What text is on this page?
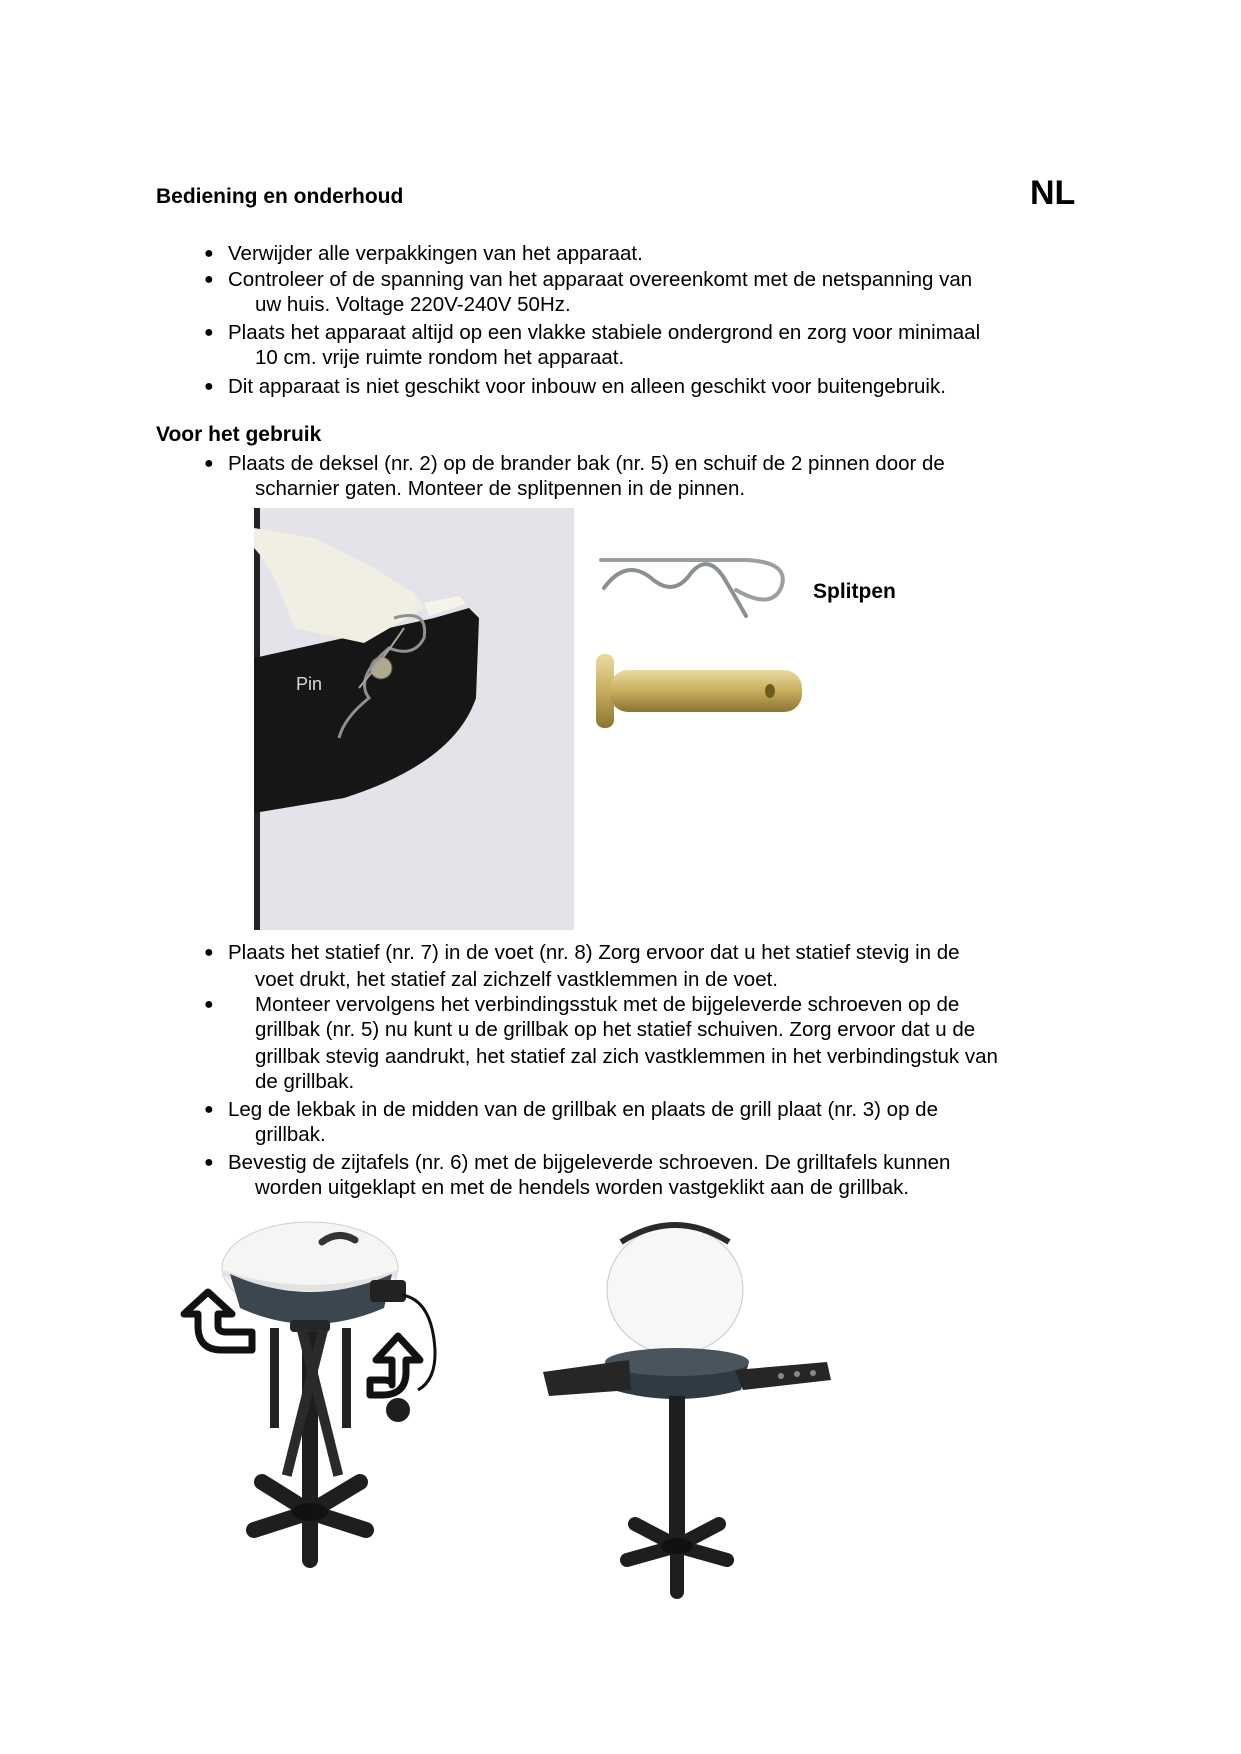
Bediening en onderhoud	NL
● Verwijder alle verpakkingen van het apparaat.
● Controleer of de spanning van het apparaat overeenkomt met de netspanning van
uw huis. Voltage 220V-240V 50Hz.
● Plaats het apparaat altijd op een vlakke stabiele ondergrond en zorg voor minimaal
10 cm. vrije ruimte rondom het apparaat.
● Dit apparaat is niet geschikt voor inbouw en alleen geschikt voor buitengebruik.
Voor het gebruik
● Plaats de deksel (nr. 2) op de brander bak (nr. 5) en schuif de 2 pinnen door de
scharnier gaten. Monteer de splitpennen in de pinnen.
Pin
Splitpen
● Plaats het statief (nr. 7) in de voet (nr. 8) Zorg ervoor dat u het statief stevig in de
voet drukt, het statief zal zichzelf vastklemmen in de voet.
●	Monteer vervolgens het verbindingsstuk met de bijgeleverde schroeven op de
grillbak (nr. 5) nu kunt u de grillbak op het statief schuiven. Zorg ervoor dat u de
grillbak stevig aandrukt, het statief zal zich vastklemmen in het verbindingstuk van
de grillbak.
● Leg de lekbak in de midden van de grillbak en plaats de grill plaat (nr. 3) op de
grillbak.
● Bevestig de zijtafels (nr. 6) met de bijgeleverde schroeven. De grilltafels kunnen
worden uitgeklapt en met de hendels worden vastgeklikt aan de grillbak.
